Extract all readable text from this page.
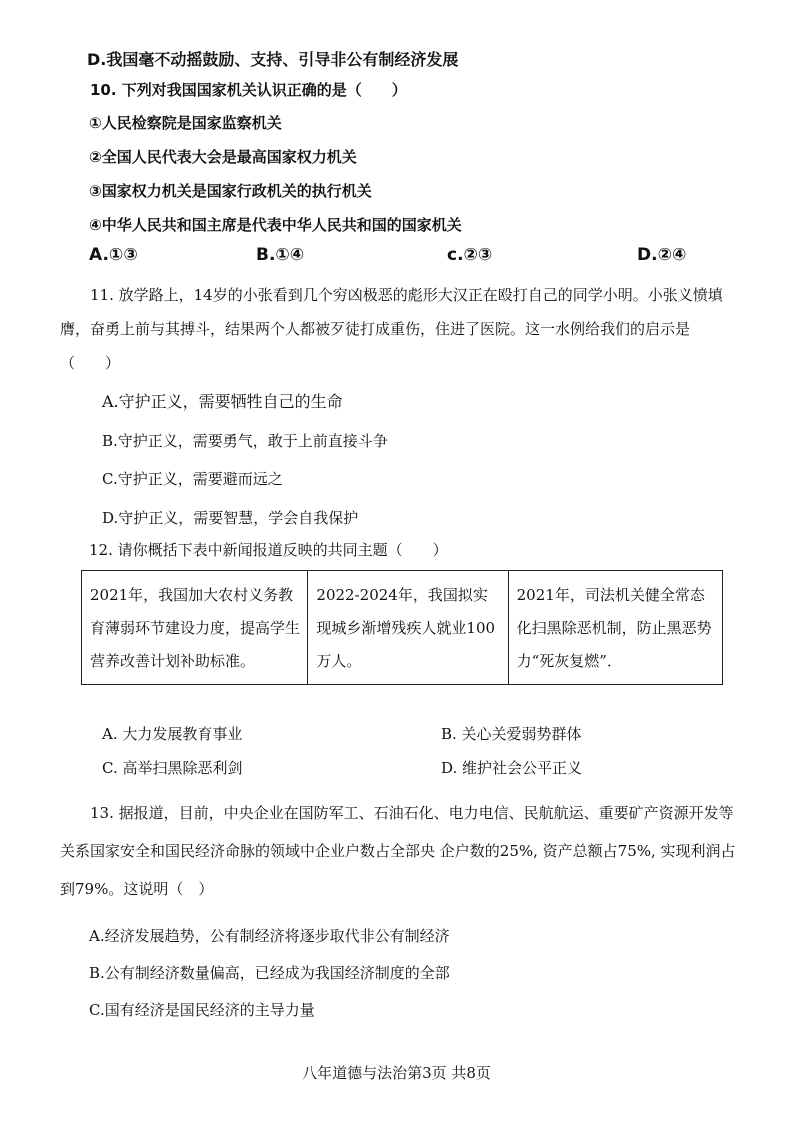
D.我国毫不动摇鼓励、支持、引导非公有制经济发展
10. 下列对我国国家机关认识正确的是（　　）
①人民检察院是国家监察机关
②全国人民代表大会是最高国家权力机关
③国家权力机关是国家行政机关的执行机关
④中华人民共和国主席是代表中华人民共和国的国家机关
A.①③	B.①④	c.②③	D.②④
11. 放学路上，14岁的小张看到几个穷凶极恶的彪形大汉正在殴打自己的同学小明。小张义愤填膺，奋勇上前与其搏斗，结果两个人都被歹徒打成重伤，住进了医院。这一水例给我们的启示是（　　）
A.守护正义，需要牺牲自己的生命
B.守护正义，需要勇气，敢于上前直接斗争
C.守护正义，需要避而远之
D.守护正义，需要智慧，学会自我保护
12. 请你概括下表中新闻报道反映的共同主题（　　）
2021年，我国加大农村义务教育薄弱环节建设力度，提高学生营养改善计划补助标准。	2022-2024年，我国拟实现城乡渐增残疾人就业100万人。	2021年，司法机关健全常态化扫黑除恶机制，防止黑恶势力“死灰复燃”．
A. 大力发展教育事业	B. 关心关爱弱势群体
C. 高举扫黑除恶利剑	D. 维护社会公平正义
13. 据报道，目前，中央企业在国防军工、石油石化、电力电信、民航航运、重要矿产资源开发等关系国家安全和国民经济命脉的领域中企业户数占全部央 企户数的25%, 资产总额占75%, 实现利润占到79%。这说明（　）
A.经济发展趋势，公有制经济将逐步取代非公有制经济
B.公有制经济数量偏高，已经成为我国经济制度的全部
C.国有经济是国民经济的主导力量
八年道德与法治第3页 共8页
